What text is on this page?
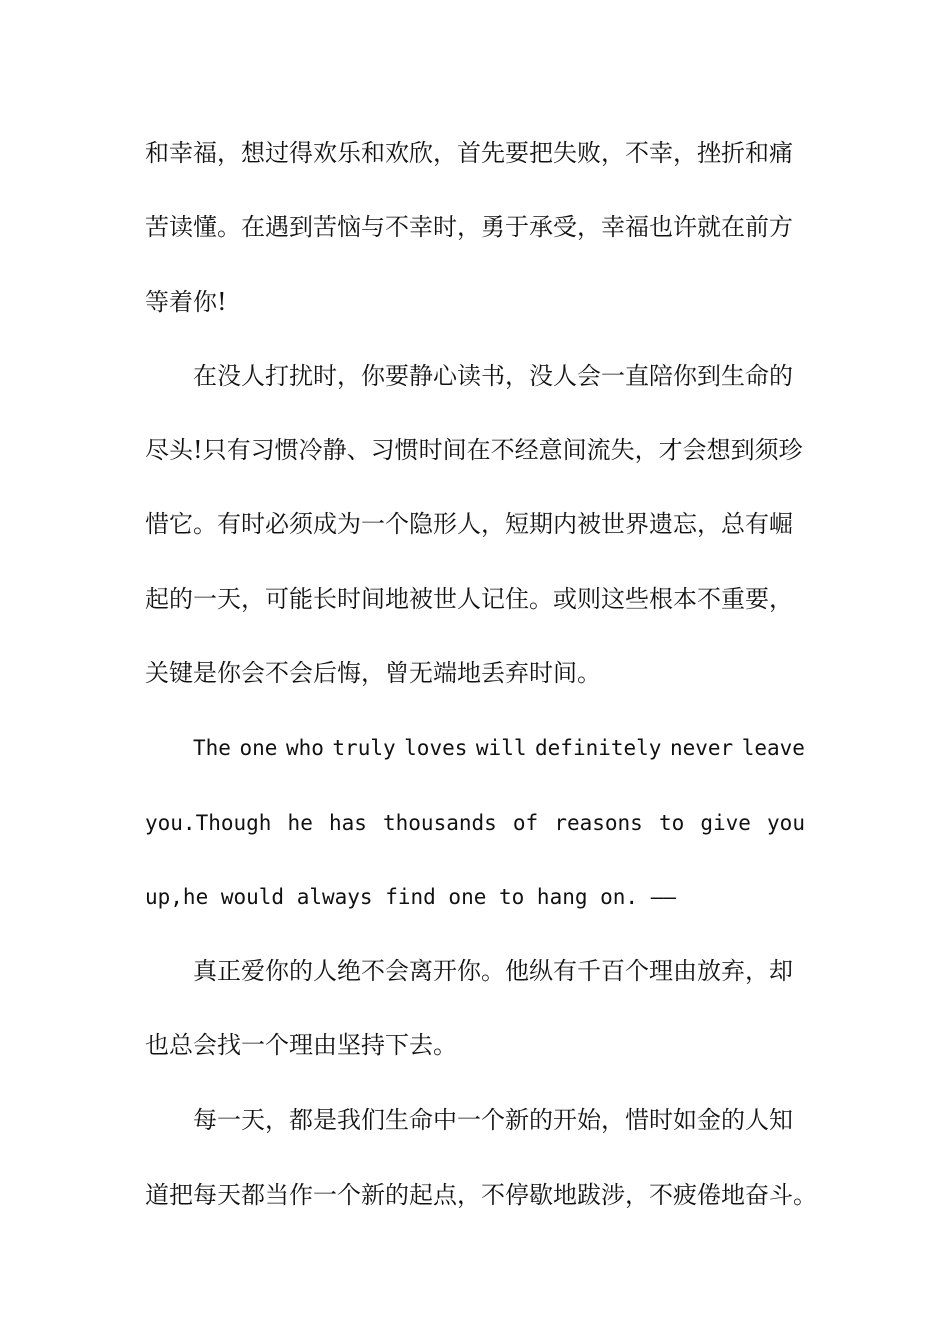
和幸福，想过得欢乐和欢欣，首先要把失败，不幸，挫折和痛
苦读懂。在遇到苦恼与不幸时，勇于承受，幸福也许就在前方
等着你!
在没人打扰时，你要静心读书，没人会一直陪你到生命的
尽头!只有习惯冷静、习惯时间在不经意间流失，才会想到须珍
惜它。有时必须成为一个隐形人，短期内被世界遗忘，总有崛
起的一天，可能长时间地被世人记住。或则这些根本不重要，
关键是你会不会后悔，曾无端地丢弃时间。
The one who truly loves will definitely never leave
you.Though he has thousands of reasons to give you
up,he would always find one to hang on. ——
真正爱你的人绝不会离开你。他纵有千百个理由放弃，却
也总会找一个理由坚持下去。
每一天，都是我们生命中一个新的开始，惜时如金的人知
道把每天都当作一个新的起点，不停歇地跋涉，不疲倦地奋斗。
